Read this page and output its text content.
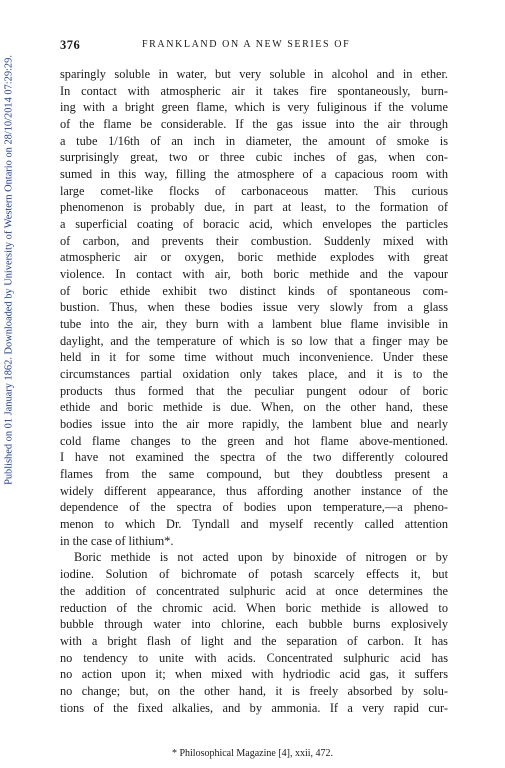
Published on 01 January 1862. Downloaded by University of Western Ontario on 28/10/2014 07:29:29.
376	FRANKLAND ON A NEW SERIES OF
sparingly soluble in water, but very soluble in alcohol and in ether.
In contact with atmospheric air it takes fire spontaneously, burn-
ing with a bright green flame, which is very fuliginous if the volume
of the flame be considerable. If the gas issue into the air through
a tube 1/16th of an inch in diameter, the amount of smoke is
surprisingly great, two or three cubic inches of gas, when con-
sumed in this way, filling the atmosphere of a capacious room with
large comet-like flocks of carbonaceous matter. This curious
phenomenon is probably due, in part at least, to the formation of
a superficial coating of boracic acid, which envelopes the particles
of carbon, and prevents their combustion. Suddenly mixed with
atmospheric air or oxygen, boric methide explodes with great
violence. In contact with air, both boric methide and the vapour
of boric ethide exhibit two distinct kinds of spontaneous com-
bustion. Thus, when these bodies issue very slowly from a glass
tube into the air, they burn with a lambent blue flame invisible in
daylight, and the temperature of which is so low that a finger may be
held in it for some time without much inconvenience. Under these
circumstances partial oxidation only takes place, and it is to the
products thus formed that the peculiar pungent odour of boric
ethide and boric methide is due. When, on the other hand, these
bodies issue into the air more rapidly, the lambent blue and nearly
cold flame changes to the green and hot flame above-mentioned.
I have not examined the spectra of the two differently coloured
flames from the same compound, but they doubtless present a
widely different appearance, thus affording another instance of the
dependence of the spectra of bodies upon temperature,—a pheno-
menon to which Dr. Tyndall and myself recently called attention
in the case of lithium*.
Boric methide is not acted upon by binoxide of nitrogen or by
iodine. Solution of bichromate of potash scarcely effects it, but
the addition of concentrated sulphuric acid at once determines the
reduction of the chromic acid. When boric methide is allowed to
bubble through water into chlorine, each bubble burns explosively
with a bright flash of light and the separation of carbon. It has
no tendency to unite with acids. Concentrated sulphuric acid has
no action upon it; when mixed with hydriodic acid gas, it suffers
no change; but, on the other hand, it is freely absorbed by solu-
tions of the fixed alkalies, and by ammonia. If a very rapid cur-
* Philosophical Magazine [4], xxii, 472.
